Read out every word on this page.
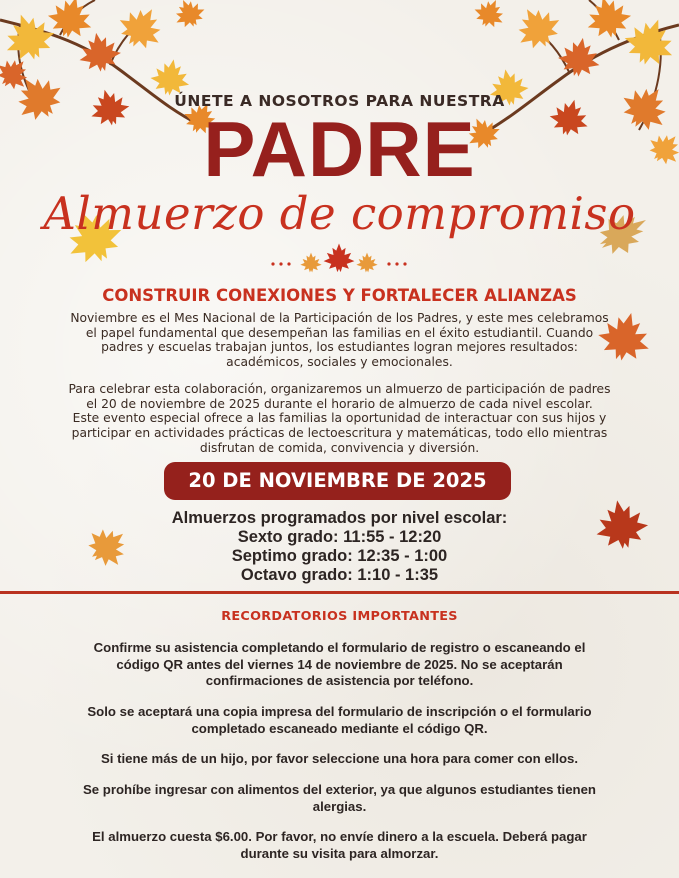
ÚNETE A NOSOTROS PARA NUESTRA
PADRE
Almuerzo de compromiso
CONSTRUIR CONEXIONES Y FORTALECER ALIANZAS
Noviembre es el Mes Nacional de la Participación de los Padres, y este mes celebramos
el papel fundamental que desempeñan las familias en el éxito estudiantil. Cuando
padres y escuelas trabajan juntos, los estudiantes logran mejores resultados:
académicos, sociales y emocionales.
Para celebrar esta colaboración, organizaremos un almuerzo de participación de padres
el 20 de noviembre de 2025 durante el horario de almuerzo de cada nivel escolar.
Este evento especial ofrece a las familias la oportunidad de interactuar con sus hijos y
participar en actividades prácticas de lectoescritura y matemáticas, todo ello mientras
disfrutan de comida, convivencia y diversión.
20 DE NOVIEMBRE DE 2025
Almuerzos programados por nivel escolar:
Sexto grado: 11:55 - 12:20
Septimo grado: 12:35 - 1:00
Octavo grado: 1:10 - 1:35
RECORDATORIOS IMPORTANTES
Confirme su asistencia completando el formulario de registro o escaneando el
código QR antes del viernes 14 de noviembre de 2025. No se aceptarán
confirmaciones de asistencia por teléfono.
Solo se aceptará una copia impresa del formulario de inscripción o el formulario
completado escaneado mediante el código QR.
Si tiene más de un hijo, por favor seleccione una hora para comer con ellos.
Se prohíbe ingresar con alimentos del exterior, ya que algunos estudiantes tienen
alergias.
El almuerzo cuesta $6.00. Por favor, no envíe dinero a la escuela. Deberá pagar
durante su visita para almorzar.
